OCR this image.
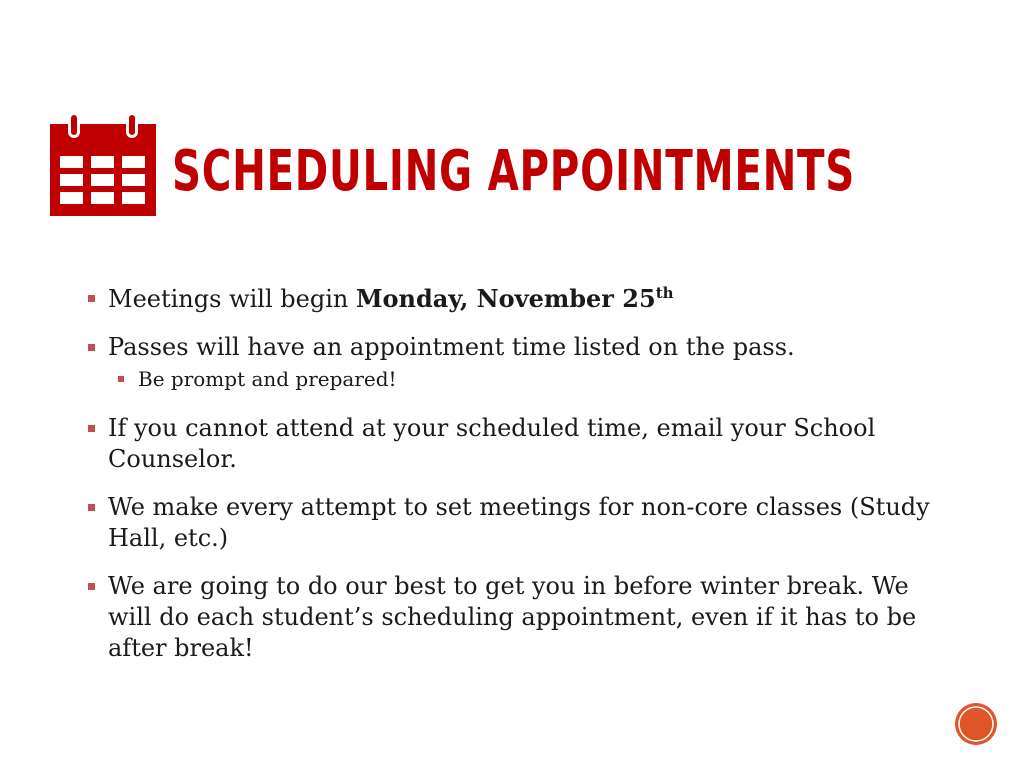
SCHEDULING APPOINTMENTS
Meetings will begin Monday, November 25th
Passes will have an appointment time listed on the pass.
Be prompt and prepared!
If you cannot attend at your scheduled time, email your School Counselor.
We make every attempt to set meetings for non-core classes (Study Hall, etc.)
We are going to do our best to get you in before winter break. We will do each student’s scheduling appointment, even if it has to be after break!
